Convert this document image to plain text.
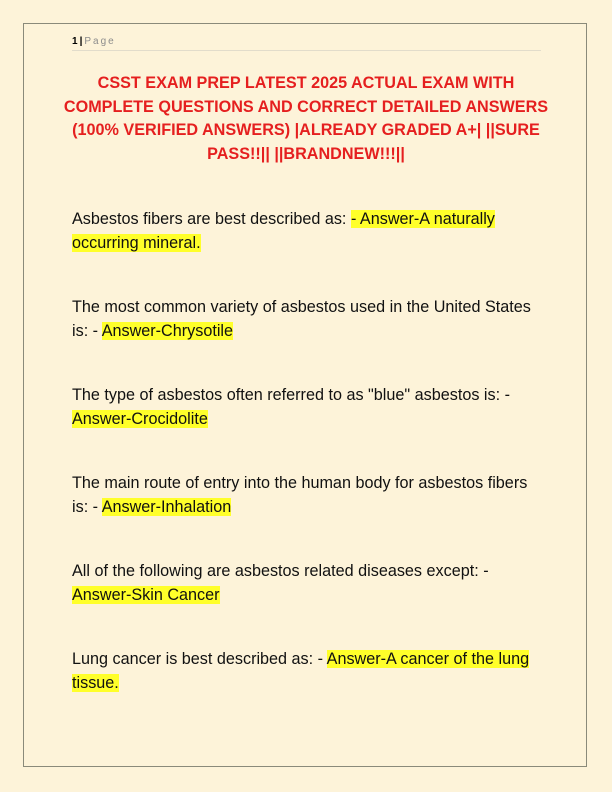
1 | Page
CSST EXAM PREP LATEST 2025 ACTUAL EXAM WITH COMPLETE QUESTIONS AND CORRECT DETAILED ANSWERS (100% VERIFIED ANSWERS) |ALREADY GRADED A+| ||SURE PASS!!|| ||BRANDNEW!!!||

Asbestos fibers are best described as: - Answer-A naturally occurring mineral.

The most common variety of asbestos used in the United States is: - Answer-Chrysotile

The type of asbestos often referred to as "blue" asbestos is: - Answer-Crocidolite

The main route of entry into the human body for asbestos fibers is: - Answer-Inhalation

All of the following are asbestos related diseases except: - Answer-Skin Cancer

Lung cancer is best described as: - Answer-A cancer of the lung tissue.
